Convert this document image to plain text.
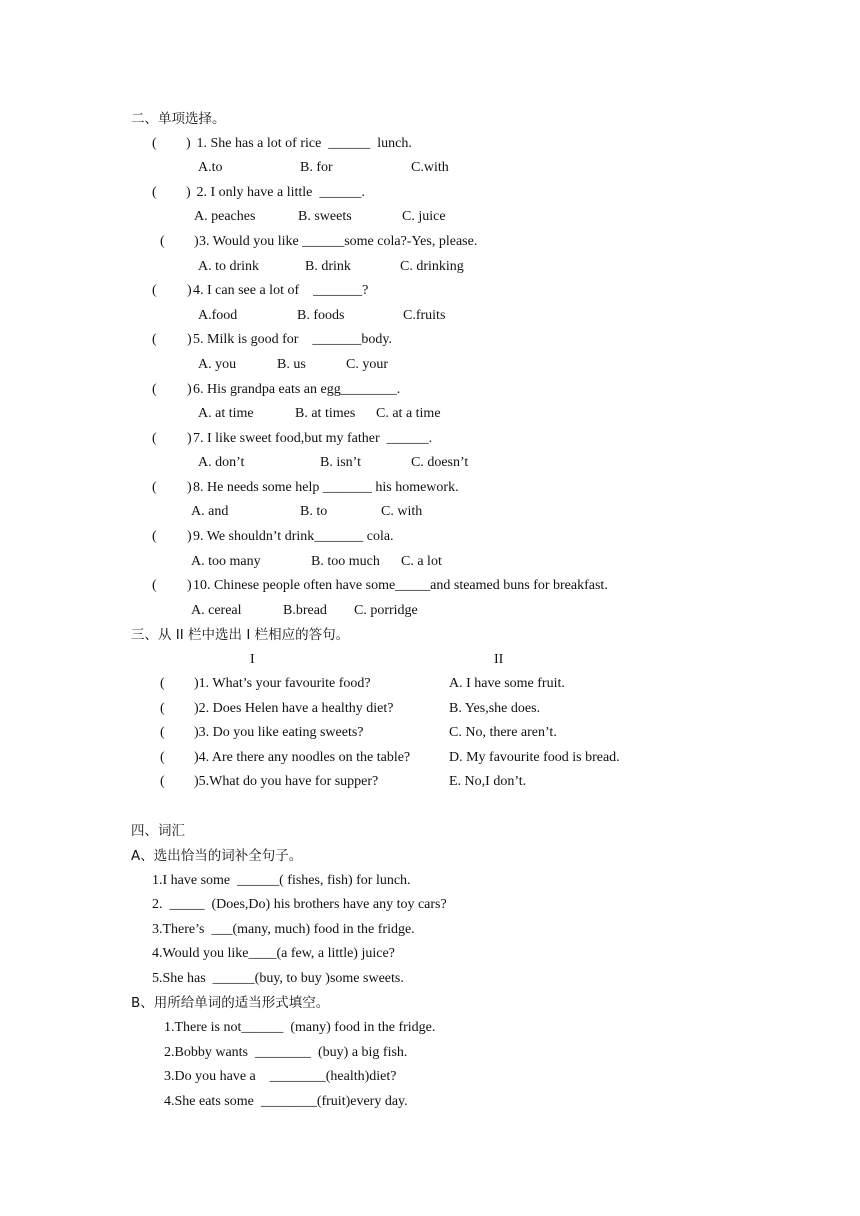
二、单项选择。
( ) 1. She has a lot of rice  ______  lunch.
A.to	B. for	C.with
( ) 2. I only have a little  ______.
A. peaches	B. sweets	C. juice
( ) 3. Would you like ______some cola?-Yes, please.
A. to drink	B. drink	C. drinking
( ) 4. I can see a lot of    _______?
A.food	B. foods	C.fruits
( ) 5. Milk is good for    _______body.
A. you	B. us	C. your
( ) 6. His grandpa eats an egg________.
A. at time	B. at times C. at a time
( ) 7. I like sweet food,but my father  ______.
A. don’t	B. isn’t	C. doesn’t
( ) 8. He needs some help _______ his homework.
A. and	B. to	C. with
( ) 9. We shouldn’t drink_______ cola.
A. too many	B. too much C. a lot
( ) 10. Chinese people often have some_____and steamed buns for breakfast.
A. cereal	B.bread C. porridge
三、从 II 栏中选出 I 栏相应的答句。
I	II
( )1. What’s your favourite food?	A. I have some fruit.
( )2. Does Helen have a healthy diet?	B. Yes,she does.
( )3. Do you like eating sweets?	C. No, there aren’t.
( )4. Are there any noodles on the table?	D. My favourite food is bread.
( )5.What do you have for supper?	E. No,I don’t.
四、词汇
A、选出恰当的词补全句子。
1.I have some  ______( fishes, fish) for lunch.
2.  _____  (Does,Do) his brothers have any toy cars?
3.There’s  ___(many, much) food in the fridge.
4.Would you like____(a few, a little) juice?
5.She has  ______(buy, to buy )some sweets.
B、用所给单词的适当形式填空。
1.There is not______  (many) food in the fridge.
2.Bobby wants  ________  (buy) a big fish.
3.Do you have a    ________(health)diet?
4.She eats some  ________(fruit)every day.
